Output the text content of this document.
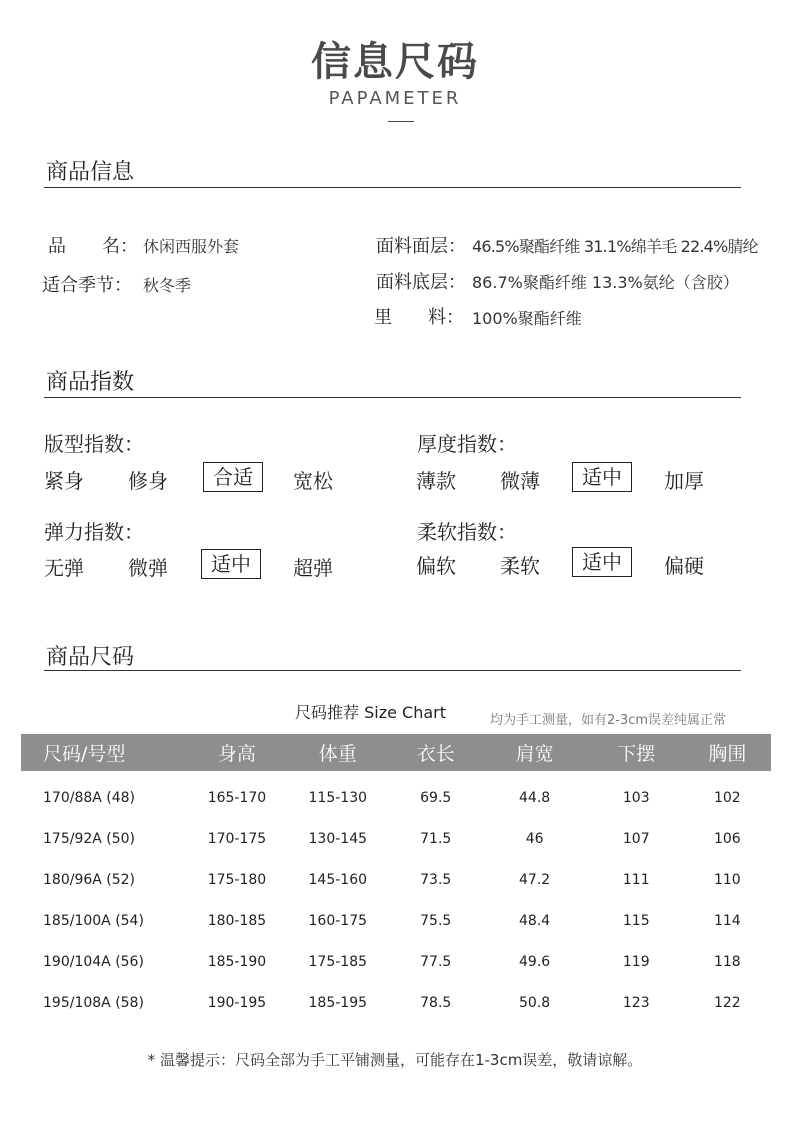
信息尺码
PAPAMETER
商品信息
品　　名： 休闲西服外套
适合季节： 秋冬季
面料面层： 46.5%聚酯纤维 31.1%绵羊毛 22.4%腈纶
面料底层： 86.7%聚酯纤维 13.3%氨纶（含胶）
里　　料： 100%聚酯纤维
商品指数
版型指数：
紧身 修身	合适	宽松
厚度指数：
薄款 微薄	适中	加厚
弹力指数：
无弹 微弹	适中	超弹
柔软指数：
偏软 柔软	适中	偏硬
商品尺码
尺码推荐 Size Chart	均为手工测量，如有2-3cm误差纯属正常
尺码/号型	身高	体重	衣长	肩宽	下摆	胸围
170/88A (48)	165-170	115-130	69.5	44.8	103	102
175/92A (50)	170-175	130-145	71.5	46	107	106
180/96A (52)	175-180	145-160	73.5	47.2	111	110
185/100A (54)	180-185	160-175	75.5	48.4	115	114
190/104A (56)	185-190	175-185	77.5	49.6	119	118
195/108A (58)	190-195	185-195	78.5	50.8	123	122
* 温馨提示：尺码全部为手工平铺测量，可能存在1-3cm误差，敬请谅解。
